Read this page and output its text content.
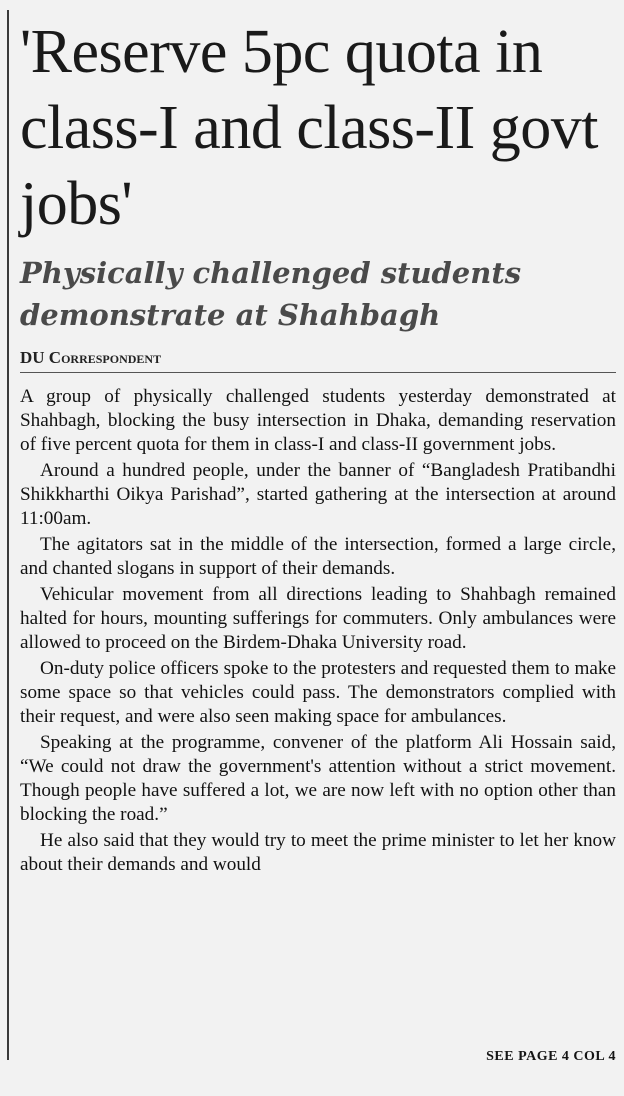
'Reserve 5pc quota in class-I and class-II govt jobs'
Physically challenged students demonstrate at Shahbagh
DU Correspondent

A group of physically challenged students yesterday demonstrated at Shahbagh, blocking the busy intersection in Dhaka, demanding reservation of five percent quota for them in class-I and class-II government jobs.

Around a hundred people, under the banner of “Bangladesh Pratibandhi Shikkharthi Oikya Parishad”, started gathering at the intersection at around 11:00am.

The agitators sat in the middle of the intersection, formed a large circle, and chanted slogans in support of their demands.

Vehicular movement from all directions leading to Shahbagh remained halted for hours, mounting sufferings for commuters. Only ambulances were allowed to proceed on the Birdem-Dhaka University road.

On-duty police officers spoke to the protesters and requested them to make some space so that vehicles could pass. The demonstrators complied with their request, and were also seen making space for ambulances.

Speaking at the programme, convener of the platform Ali Hossain said, “We could not draw the government's attention without a strict movement. Though people have suffered a lot, we are now left with no option other than blocking the road.”

He also said that they would try to meet the prime minister to let her know about their demands and would

SEE PAGE 4 COL 4
